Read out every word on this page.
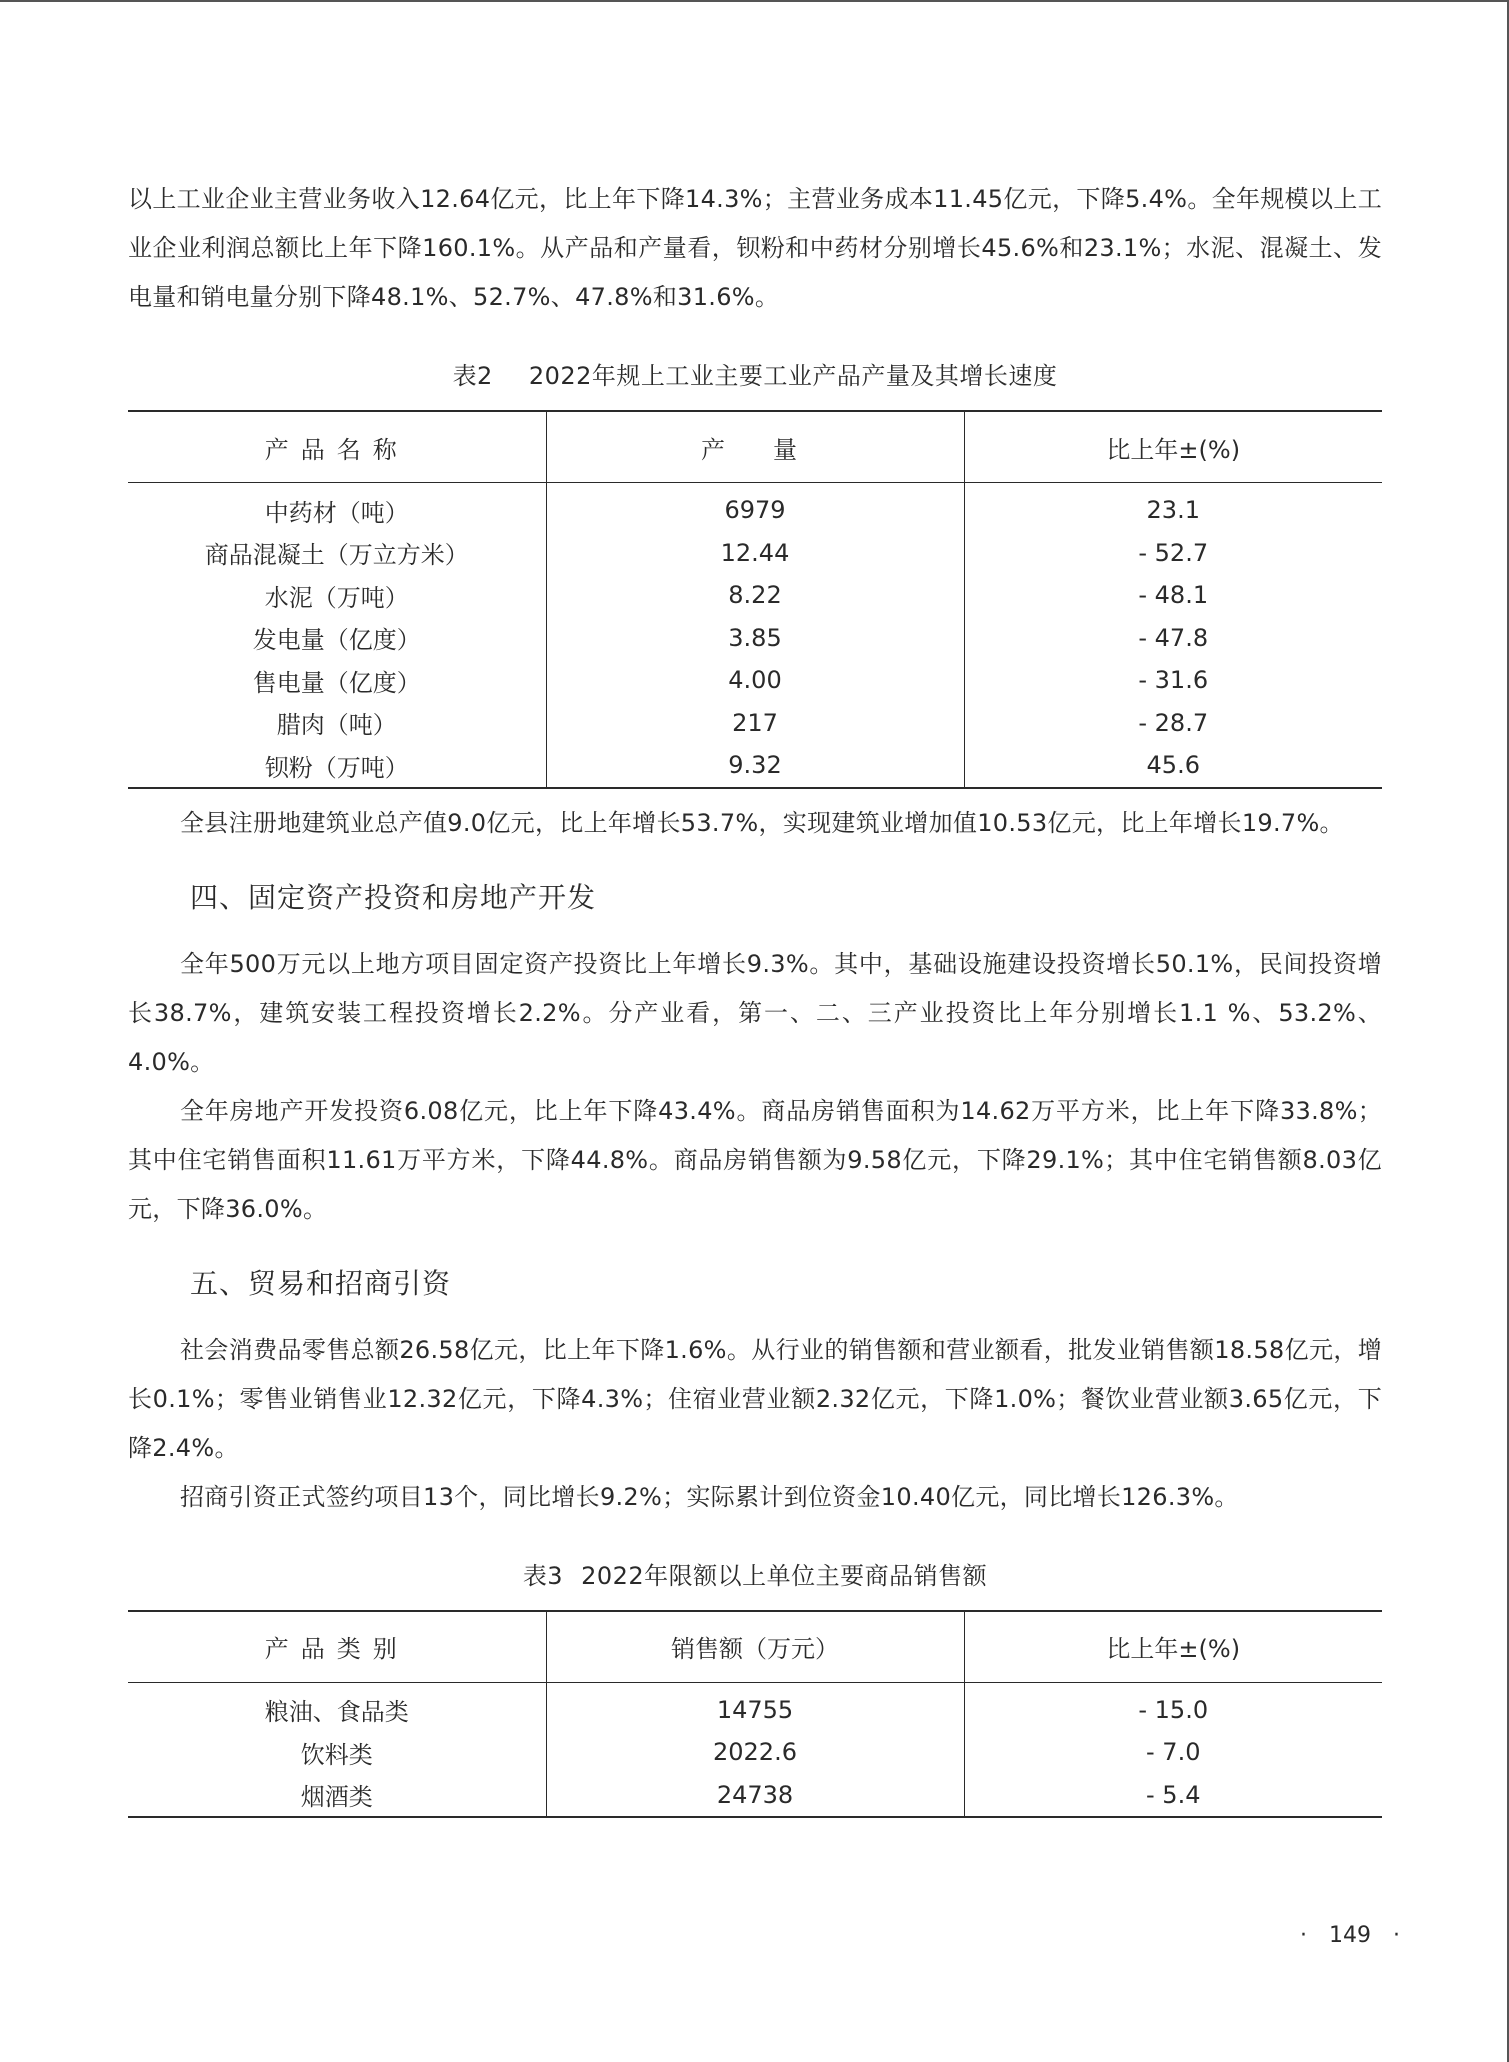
以上工业企业主营业务收入12.64亿元，比上年下降14.3%；主营业务成本11.45亿元，下降5.4%。全年规模以上工业企业利润总额比上年下降160.1%。从产品和产量看，钡粉和中药材分别增长45.6%和23.1%；水泥、混凝土、发电量和销电量分别下降48.1%、52.7%、47.8%和31.6%。

表2 2022年规上工业主要工业产品产量及其增长速度
产品名称	产　量	比上年±(%)
中药材（吨）	6979	23.1
商品混凝土（万立方米）	12.44	- 52.7
水泥（万吨）	8.22	- 48.1
发电量（亿度）	3.85	- 47.8
售电量（亿度）	4.00	- 31.6
腊肉（吨）	217	- 28.7
钡粉（万吨）	9.32	45.6

全县注册地建筑业总产值9.0亿元，比上年增长53.7%，实现建筑业增加值10.53亿元，比上年增长19.7%。

四、固定资产投资和房地产开发

全年500万元以上地方项目固定资产投资比上年增长9.3%。其中，基础设施建设投资增长50.1%，民间投资增长38.7%，建筑安装工程投资增长2.2%。分产业看，第一、二、三产业投资比上年分别增长1.1 %、53.2%、4.0%。

全年房地产开发投资6.08亿元，比上年下降43.4%。商品房销售面积为14.62万平方米，比上年下降33.8%；其中住宅销售面积11.61万平方米，下降44.8%。商品房销售额为9.58亿元，下降29.1%；其中住宅销售额8.03亿元，下降36.0%。

五、贸易和招商引资

社会消费品零售总额26.58亿元，比上年下降1.6%。从行业的销售额和营业额看，批发业销售额18.58亿元，增长0.1%；零售业销售业12.32亿元，下降4.3%；住宿业营业额2.32亿元，下降1.0%；餐饮业营业额3.65亿元，下降2.4%。

招商引资正式签约项目13个，同比增长9.2%；实际累计到位资金10.40亿元，同比增长126.3%。

表3 2022年限额以上单位主要商品销售额
产品类别	销售额（万元）	比上年±(%)
粮油、食品类	14755	- 15.0
饮料类	2022.6	- 7.0
烟酒类	24738	- 5.4
·　149　·
